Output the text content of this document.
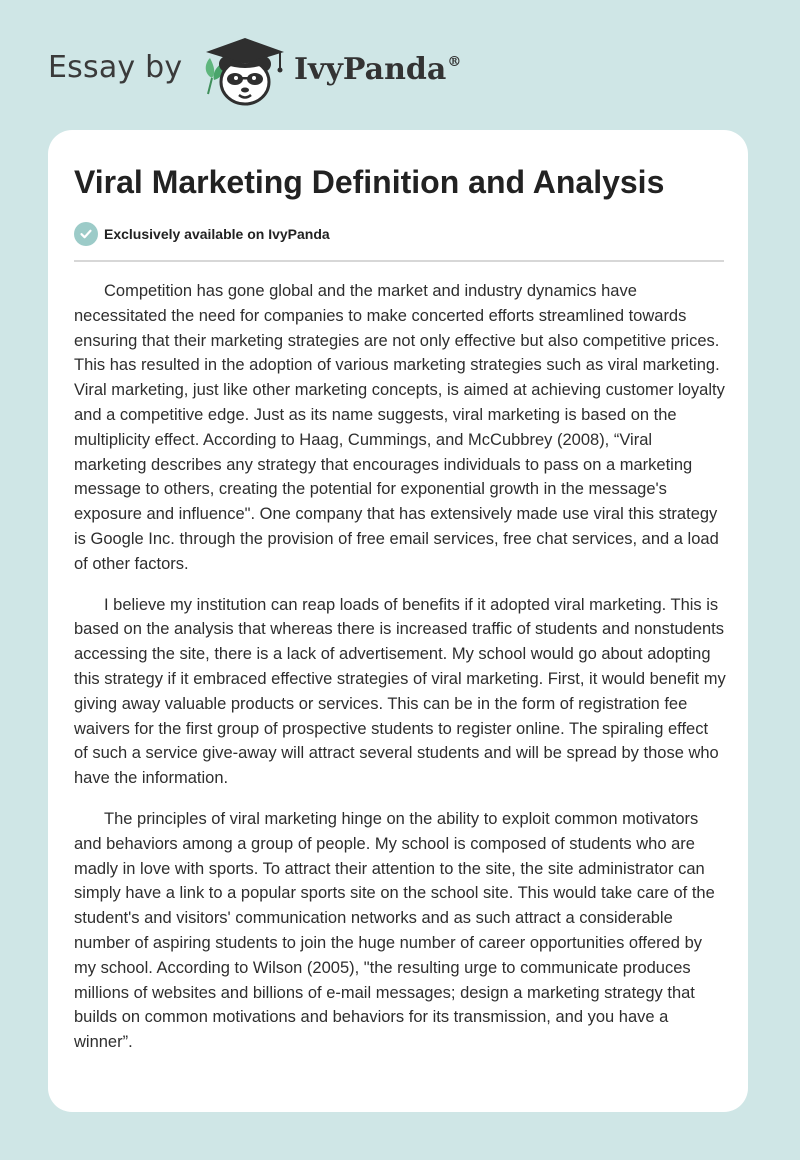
Essay by	IvyPanda®
Viral Marketing Definition and Analysis
Exclusively available on IvyPanda

Competition has gone global and the market and industry dynamics have necessitated the need for companies to make concerted efforts streamlined towards ensuring that their marketing strategies are not only effective but also competitive prices. This has resulted in the adoption of various marketing strategies such as viral marketing. Viral marketing, just like other marketing concepts, is aimed at achieving customer loyalty and a competitive edge. Just as its name suggests, viral marketing is based on the multiplicity effect. According to Haag, Cummings, and McCubbrey (2008), “Viral marketing describes any strategy that encourages individuals to pass on a marketing message to others, creating the potential for exponential growth in the message's exposure and influence". One company that has extensively made use viral this strategy is Google Inc. through the provision of free email services, free chat services, and a load of other factors.

I believe my institution can reap loads of benefits if it adopted viral marketing. This is based on the analysis that whereas there is increased traffic of students and nonstudents accessing the site, there is a lack of advertisement. My school would go about adopting this strategy if it embraced effective strategies of viral marketing. First, it would benefit my giving away valuable products or services. This can be in the form of registration fee waivers for the first group of prospective students to register online. The spiraling effect of such a service give-away will attract several students and will be spread by those who have the information.

The principles of viral marketing hinge on the ability to exploit common motivators and behaviors among a group of people. My school is composed of students who are madly in love with sports. To attract their attention to the site, the site administrator can simply have a link to a popular sports site on the school site. This would take care of the student's and visitors' communication networks and as such attract a considerable number of aspiring students to join the huge number of career opportunities offered by my school. According to Wilson (2005), "the resulting urge to communicate produces millions of websites and billions of e-mail messages; design a marketing strategy that builds on common motivations and behaviors for its transmission, and you have a winner”.
